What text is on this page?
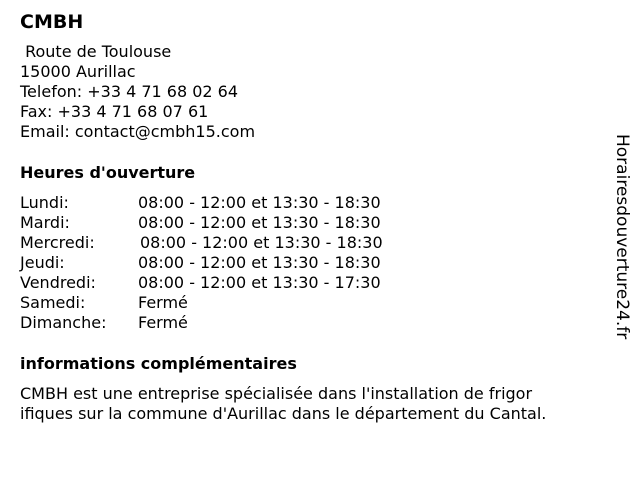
CMBH
Route de Toulouse
15000 Aurillac
Telefon: +33 4 71 68 02 64
Fax: +33 4 71 68 07 61
Email: contact@cmbh15.com
Heures d'ouverture
Lundi:	08:00 - 12:00 et 13:30 - 18:30
Mardi:	08:00 - 12:00 et 13:30 - 18:30
Mercredi:	08:00 - 12:00 et 13:30 - 18:30
Jeudi:	08:00 - 12:00 et 13:30 - 18:30
Vendredi:	08:00 - 12:00 et 13:30 - 17:30
Samedi:	Fermé
Dimanche:	Fermé
informations complémentaires
CMBH est une entreprise spécialisée dans l'installation de frigor
ifiques sur la commune d'Aurillac dans le département du Cantal.
Horairesdouverture24.fr
